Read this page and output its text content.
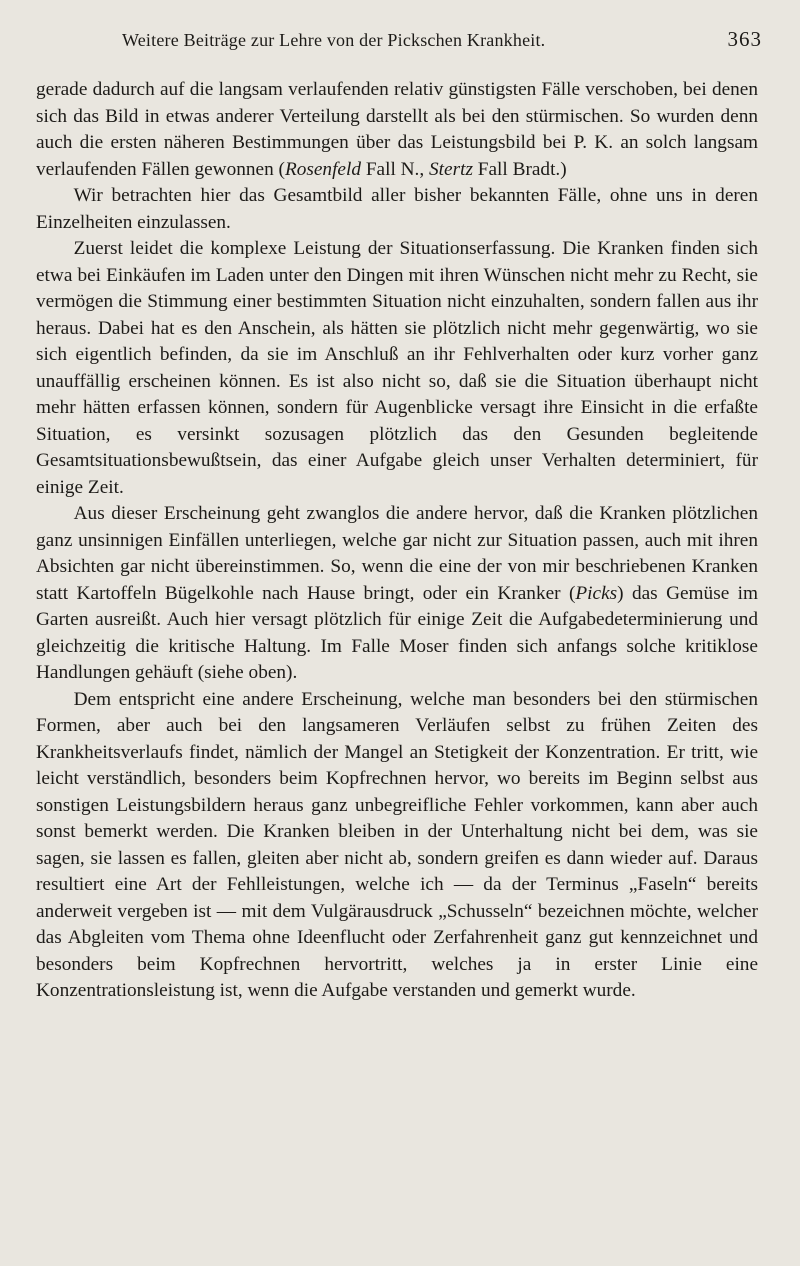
Weitere Beiträge zur Lehre von der Pickschen Krankheit.	363

gerade dadurch auf die langsam verlaufenden relativ günstigsten Fälle verschoben, bei denen sich das Bild in etwas anderer Verteilung darstellt als bei den stürmischen. So wurden denn auch die ersten näheren Bestimmungen über das Leistungsbild bei P. K. an solch langsam verlaufenden Fällen gewonnen (Rosenfeld Fall N., Stertz Fall Bradt.)

Wir betrachten hier das Gesamtbild aller bisher bekannten Fälle, ohne uns in deren Einzelheiten einzulassen.

Zuerst leidet die komplexe Leistung der Situationserfassung. Die Kranken finden sich etwa bei Einkäufen im Laden unter den Dingen mit ihren Wünschen nicht mehr zu Recht, sie vermögen die Stimmung einer bestimmten Situation nicht einzuhalten, sondern fallen aus ihr heraus. Dabei hat es den Anschein, als hätten sie plötzlich nicht mehr gegenwärtig, wo sie sich eigentlich befinden, da sie im Anschluß an ihr Fehlverhalten oder kurz vorher ganz unauffällig erscheinen können. Es ist also nicht so, daß sie die Situation überhaupt nicht mehr hätten erfassen können, sondern für Augenblicke versagt ihre Einsicht in die erfaßte Situation, es versinkt sozusagen plötzlich das den Gesunden begleitende Gesamtsituationsbewußtsein, das einer Aufgabe gleich unser Verhalten determiniert, für einige Zeit.

Aus dieser Erscheinung geht zwanglos die andere hervor, daß die Kranken plötzlichen ganz unsinnigen Einfällen unterliegen, welche gar nicht zur Situation passen, auch mit ihren Absichten gar nicht übereinstimmen. So, wenn die eine der von mir beschriebenen Kranken statt Kartoffeln Bügelkohle nach Hause bringt, oder ein Kranker (Picks) das Gemüse im Garten ausreißt. Auch hier versagt plötzlich für einige Zeit die Aufgabedeterminierung und gleichzeitig die kritische Haltung. Im Falle Moser finden sich anfangs solche kritiklose Handlungen gehäuft (siehe oben).

Dem entspricht eine andere Erscheinung, welche man besonders bei den stürmischen Formen, aber auch bei den langsameren Verläufen selbst zu frühen Zeiten des Krankheitsverlaufs findet, nämlich der Mangel an Stetigkeit der Konzentration. Er tritt, wie leicht verständlich, besonders beim Kopfrechnen hervor, wo bereits im Beginn selbst aus sonstigen Leistungsbildern heraus ganz unbegreifliche Fehler vorkommen, kann aber auch sonst bemerkt werden. Die Kranken bleiben in der Unterhaltung nicht bei dem, was sie sagen, sie lassen es fallen, gleiten aber nicht ab, sondern greifen es dann wieder auf. Daraus resultiert eine Art der Fehlleistungen, welche ich — da der Terminus „Faseln“ bereits anderweit vergeben ist — mit dem Vulgärausdruck „Schusseln“ bezeichnen möchte, welcher das Abgleiten vom Thema ohne Ideenflucht oder Zerfahrenheit ganz gut kennzeichnet und besonders beim Kopfrechnen hervortritt, welches ja in erster Linie eine Konzentrationsleistung ist, wenn die Aufgabe verstanden und gemerkt wurde.
